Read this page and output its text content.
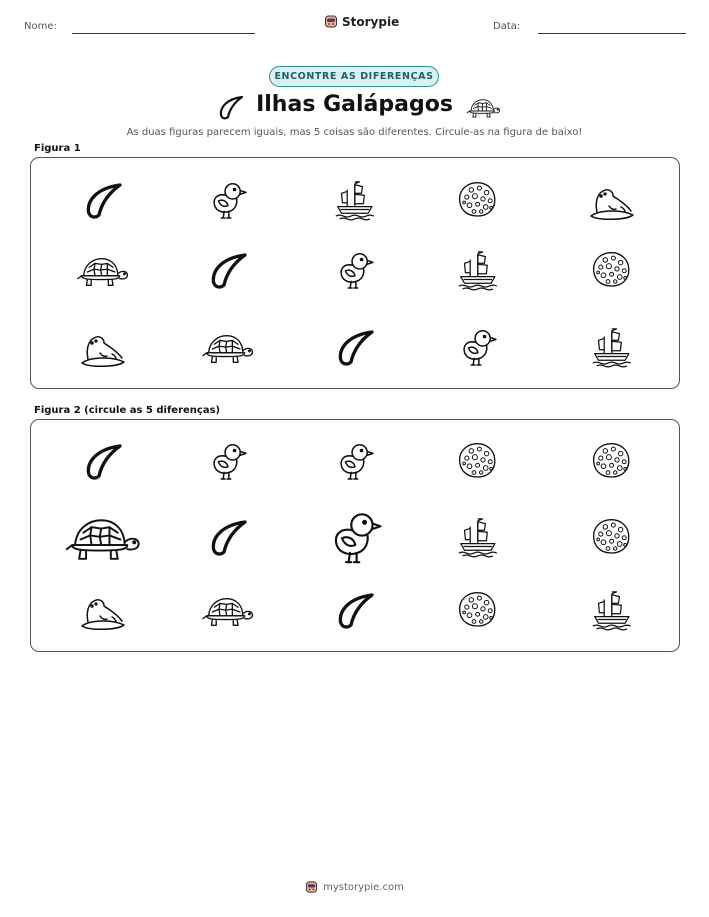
Nome:	Storypie	Data:
ENCONTRE AS DIFERENÇAS
Ilhas Galápagos
As duas figuras parecem iguais, mas 5 coisas são diferentes. Circule-as na figura de baixo!
Figura 1
Figura 2 (circule as 5 diferenças)
mystorypie.com
